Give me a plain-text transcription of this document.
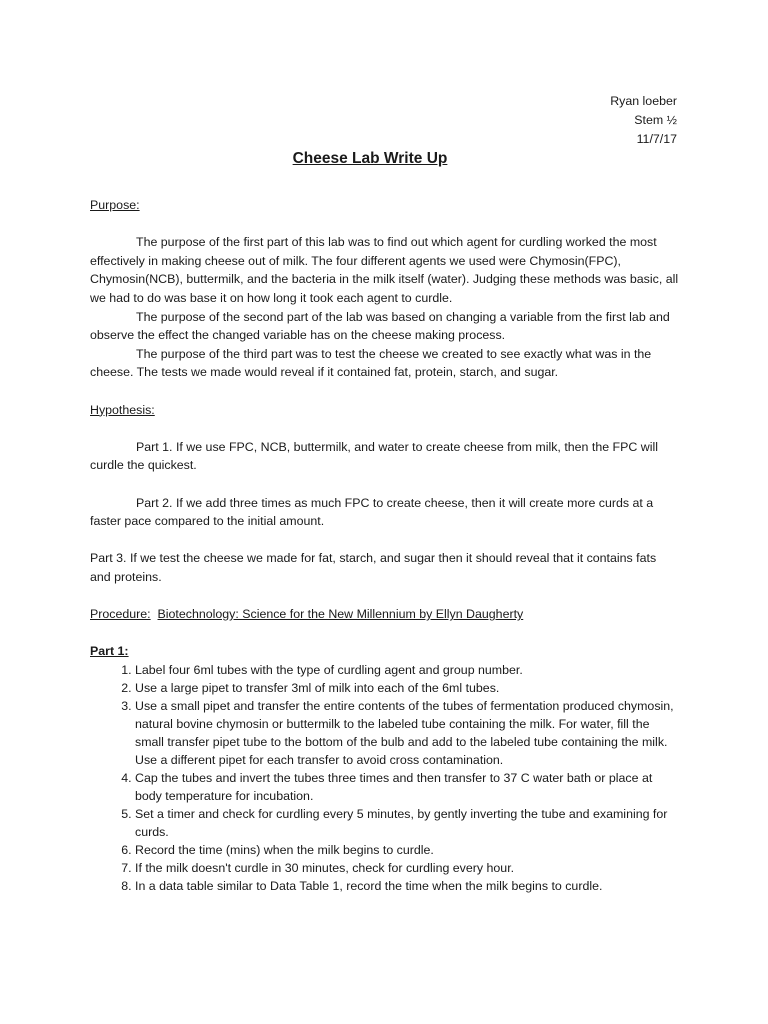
Ryan loeber
Stem ½
11/7/17
Cheese Lab Write Up

Purpose:

The purpose of the first part of this lab was to find out which agent for curdling worked the most effectively in making cheese out of milk. The four different agents we used were Chymosin(FPC), Chymosin(NCB), buttermilk, and the bacteria in the milk itself (water). Judging these methods was basic, all we had to do was base it on how long it took each agent to curdle.

The purpose of the second part of the lab was based on changing a variable from the first lab and observe the effect the changed variable has on the cheese making process.

The purpose of the third part was to test the cheese we created to see exactly what was in the cheese. The tests we made would reveal if it contained fat, protein, starch, and sugar.

Hypothesis:

Part 1. If we use FPC, NCB, buttermilk, and water to create cheese from milk, then the FPC will curdle the quickest.

Part 2. If we add three times as much FPC to create cheese, then it will create more curds at a faster pace compared to the initial amount.

Part 3. If we test the cheese we made for fat, starch, and sugar then it should reveal that it contains fats and proteins.

Procedure: Biotechnology: Science for the New Millennium by Ellyn Daugherty

Part 1:

1. Label four 6ml tubes with the type of curdling agent and group number.
2. Use a large pipet to transfer 3ml of milk into each of the 6ml tubes.
3. Use a small pipet and transfer the entire contents of the tubes of fermentation produced chymosin, natural bovine chymosin or buttermilk to the labeled tube containing the milk. For water, fill the small transfer pipet tube to the bottom of the bulb and add to the labeled tube containing the milk. Use a different pipet for each transfer to avoid cross contamination.
4. Cap the tubes and invert the tubes three times and then transfer to 37 C water bath or place at body temperature for incubation.
5. Set a timer and check for curdling every 5 minutes, by gently inverting the tube and examining for curds.
6. Record the time (mins) when the milk begins to curdle.
7. If the milk doesn't curdle in 30 minutes, check for curdling every hour.
8. In a data table similar to Data Table 1, record the time when the milk begins to curdle.
